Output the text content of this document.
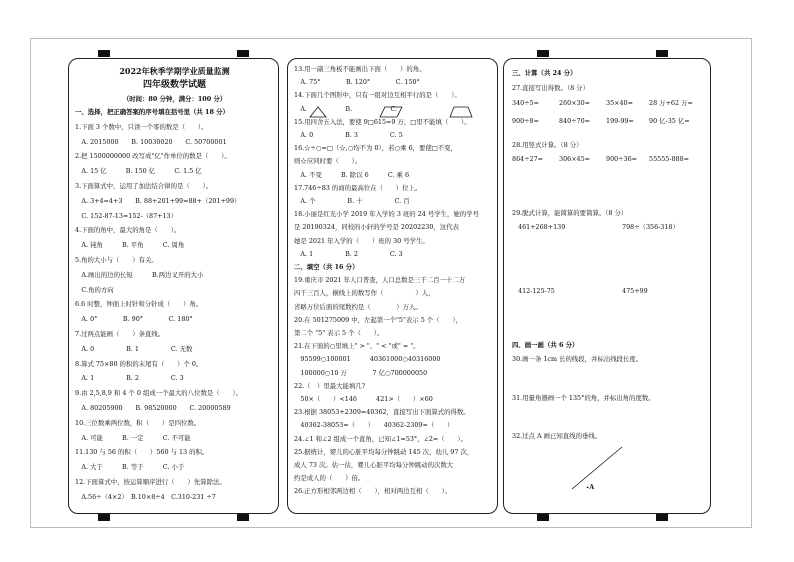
2022年秋季学期学业质量监测
四年级数学试题
（时间：80 分钟，满分：100 分）
一、选择，把正确答案的序号填在括号里（共 18 分）
1.下面 3 个数中，只读一个零的数是（　　）。
　A. 2015000　　B. 10030020　　C. 50700001
2.把 1500000000 改写成"亿"作单位的数是（　　）。
　A. 15 亿　　　B. 150 亿　　　C. 1.5 亿
3.下面算式中，运用了加法结合律的是（　　）。
　A. 3+4=4+3　　B. 88+201+99=88+（201+99）
　C. 152-87-13=152-（87+13）
4.下面的角中，最大的角是（　　）。
　A. 钝角　　　B. 平角　　　C. 周角
5.角的大小与（　　）有关。
　A.画出的边的长短　　　B.两边叉开的大小
　C.角的方向
6.6 时整，钟面上时针和分针成（　　）角。
　A. 0°　　　　B. 90°　　　　C. 180°
7.过两点能画（　　）条直线。
　A. 0　　　　　B. 1　　　　　C. 无数
8.算式 75×80 的积的末尾有（　　）个 0。
　A. 1　　　　　B. 2　　　　　C. 3
9.由 2,5,8,9 和 4 个 0 组成一个最大的八位数是（　　）。
　A. 80205900　　B. 98520000　　C. 20000589
10.三位数乘两位数，积（　　）是四位数。
　A. 可能　　　B. 一定　　　C. 不可能
11.130 与 56 的积（　　）560 与 13 的积。
　A. 大于　　　B. 等于　　　C. 小于
12.下面算式中，按运算顺序进行（　　）先算除法。
　A.56÷（4×2）　B.10×8÷4　C.310-231 ÷7
13.用一副三角板不能画出下面（　　）的角。
　A. 75°　　　　B. 120°　　　　C. 150°
14.下面几个图形中，只有一组对边互相平行的是（　　）。
　A.　　　　　　B.　　　　　　C.
15.用四舍五入法，要使 9□615≈9 万，□里不能填（　　）。
　A. 0　　　　　B. 3　　　　　C. 5
16.☆÷○=□（☆,○均不为 0），若○乘 6，要使□不变，
则☆应同时要（　　）。
　A. 不变　　　B. 除以 6　　　C. 乘 6
17.746÷83 的商的最高位在（　　）位上。
　A. 个　　　　　B. 十　　　　　C. 百
18.小丽是红光小学 2019 年入学的 3 班的 24 号学生，她的学号
是 20190324，同校的小轩的学号是 20202230，这代表
她是 2021 年入学的（　　）班的 30 号学生。
　A. 1　　　　　B. 2　　　　　C. 3
二、填空（共 16 分）
19.重庆市 2021 年人口普查，人口总数是三千二百一十二万
四千三百人，横线上的数写作（　　　　　）人，
省略万位后面的尾数约是（　　　　）万人。
20.在 501275009 中，左起第一个"5"表示 5 个（　　），
第二个 "5" 表示 5 个（　　）。
21.在下面的○里填上" > "、" < "或" = "。
　95599○100001　　　40361000○40316000
　100000○10 万　　　　7 亿○700000050
22.（　）里最大能填几?
　50×（　　）<146　　　421>（　　）×60
23.根据 38053+2309=40362，直接写出下面算式的得数。
　40362-38053=（　　）　　40362-2309=（　　）
24.∠1 和∠2 组成一个直角，已知∠1=53°，∠2=（　　）。
25.据统计，婴儿的心脏平均每分钟跳动 145 次，幼儿 97 次，
成人 73 次。估一估，婴儿心脏平均每分钟跳动的次数大
约是成人的（　　）倍。
26.正方形相邻两边相（　　），相对两边互相（　　）。
三、计算（共 24 分）
27.直接写出得数。（8 分）
340÷5=	260×30= 35×40=	28 万+62 万=
900÷8=	840÷70= 199-99= 90 亿-35 亿=
28.用竖式计算。（8 分）
864÷27= 306×45= 900÷36= 55555-888=
29.脱式计算，能简算的要简算。（8 分）
461+268+139	798÷（356-318）
412-125-75	475+99
四、画一画（共 6 分）
30.画一条 1cm 长的线段，并标出线段长度。
31.用量角器画一个 135°的角，并标出角的度数。
32.过点 A 画已知直线的垂线。
•A
